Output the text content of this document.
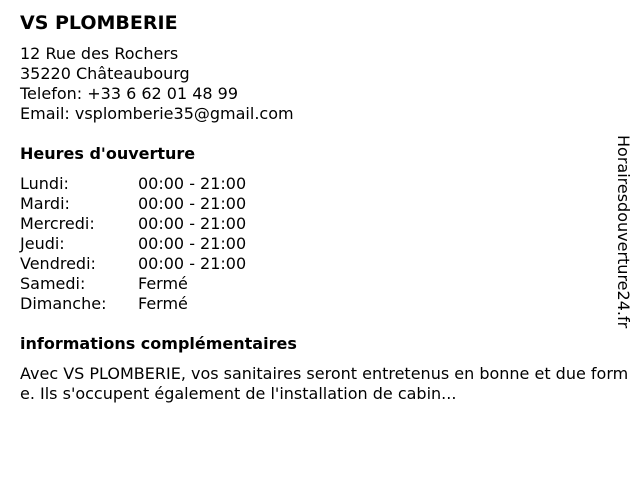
VS PLOMBERIE
12 Rue des Rochers
35220 Châteaubourg
Telefon: +33 6 62 01 48 99
Email: vsplomberie35@gmail.com
Heures d'ouverture
Lundi:	00:00 - 21:00
Mardi:	00:00 - 21:00
Mercredi:	00:00 - 21:00
Jeudi:	00:00 - 21:00
Vendredi:	00:00 - 21:00
Samedi:	Fermé
Dimanche: Fermé
informations complémentaires
Avec VS PLOMBERIE, vos sanitaires seront entretenus en bonne et due forme. Ils s'occupent également de l'installation de cabin...
Horairesdouverture24.fr
